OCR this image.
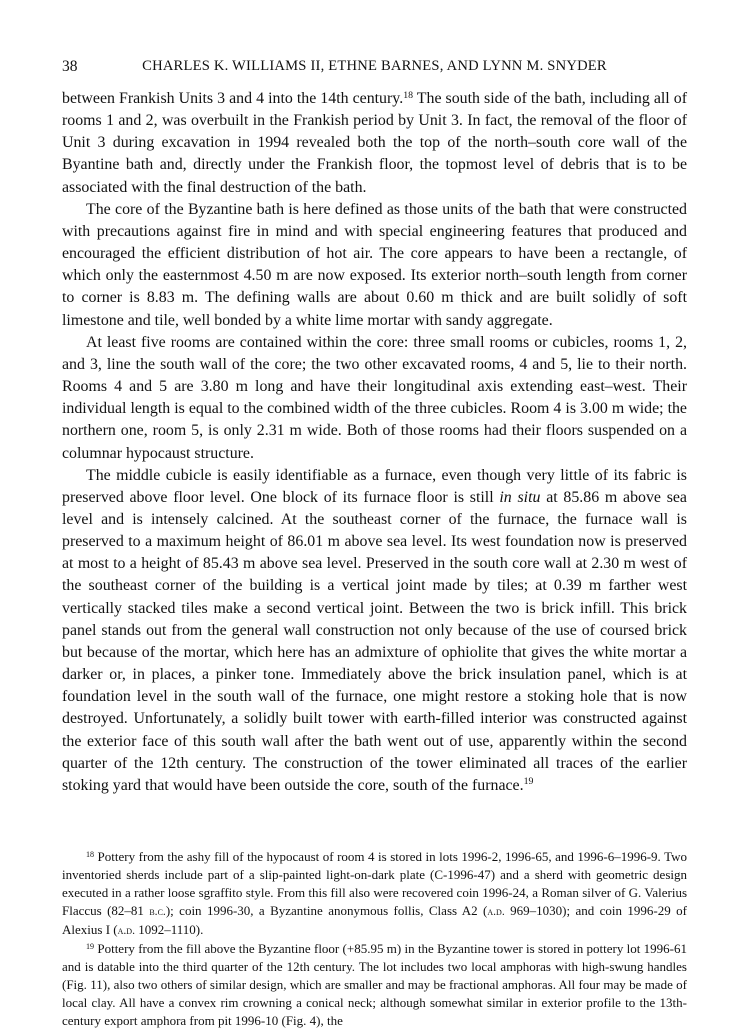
38	CHARLES K. WILLIAMS II, ETHNE BARNES, AND LYNN M. SNYDER

between Frankish Units 3 and 4 into the 14th century.$^{18}$ The south side of the bath, including all of rooms 1 and 2, was overbuilt in the Frankish period by Unit 3. In fact, the removal of the floor of Unit 3 during excavation in 1994 revealed both the top of the north–south core wall of the Byantine bath and, directly under the Frankish floor, the topmost level of debris that is to be associated with the final destruction of the bath.

The core of the Byzantine bath is here defined as those units of the bath that were constructed with precautions against fire in mind and with special engineering features that produced and encouraged the efficient distribution of hot air. The core appears to have been a rectangle, of which only the easternmost 4.50 m are now exposed. Its exterior north–south length from corner to corner is 8.83 m. The defining walls are about 0.60 m thick and are built solidly of soft limestone and tile, well bonded by a white lime mortar with sandy aggregate.

At least five rooms are contained within the core: three small rooms or cubicles, rooms 1, 2, and 3, line the south wall of the core; the two other excavated rooms, 4 and 5, lie to their north. Rooms 4 and 5 are 3.80 m long and have their longitudinal axis extending east–west. Their individual length is equal to the combined width of the three cubicles. Room 4 is 3.00 m wide; the northern one, room 5, is only 2.31 m wide. Both of those rooms had their floors suspended on a columnar hypocaust structure.

The middle cubicle is easily identifiable as a furnace, even though very little of its fabric is preserved above floor level. One block of its furnace floor is still in situ at 85.86 m above sea level and is intensely calcined. At the southeast corner of the furnace, the furnace wall is preserved to a maximum height of 86.01 m above sea level. Its west foundation now is preserved at most to a height of 85.43 m above sea level. Preserved in the south core wall at 2.30 m west of the southeast corner of the building is a vertical joint made by tiles; at 0.39 m farther west vertically stacked tiles make a second vertical joint. Between the two is brick infill. This brick panel stands out from the general wall construction not only because of the use of coursed brick but because of the mortar, which here has an admixture of ophiolite that gives the white mortar a darker or, in places, a pinker tone. Immediately above the brick insulation panel, which is at foundation level in the south wall of the furnace, one might restore a stoking hole that is now destroyed. Unfortunately, a solidly built tower with earth-filled interior was constructed against the exterior face of this south wall after the bath went out of use, apparently within the second quarter of the 12th century. The construction of the tower eliminated all traces of the earlier stoking yard that would have been outside the core, south of the furnace.$^{19}$

$^{18}$ Pottery from the ashy fill of the hypocaust of room 4 is stored in lots 1996-2, 1996-65, and 1996-6–1996-9. Two inventoried sherds include part of a slip-painted light-on-dark plate (C-1996-47) and a sherd with geometric design executed in a rather loose sgraffito style. From this fill also were recovered coin 1996-24, a Roman silver of G. Valerius Flaccus (82–81 b.c.); coin 1996-30, a Byzantine anonymous follis, Class A2 (a.d. 969–1030); and coin 1996-29 of Alexius I (a.d. 1092–1110).

$^{19}$ Pottery from the fill above the Byzantine floor (+85.95 m) in the Byzantine tower is stored in pottery lot 1996-61 and is datable into the third quarter of the 12th century. The lot includes two local amphoras with high-swung handles (Fig. 11), also two others of similar design, which are smaller and may be fractional amphoras. All four may be made of local clay. All have a convex rim crowning a conical neck; although somewhat similar in exterior profile to the 13th-century export amphora from pit 1996-10 (Fig. 4), the
